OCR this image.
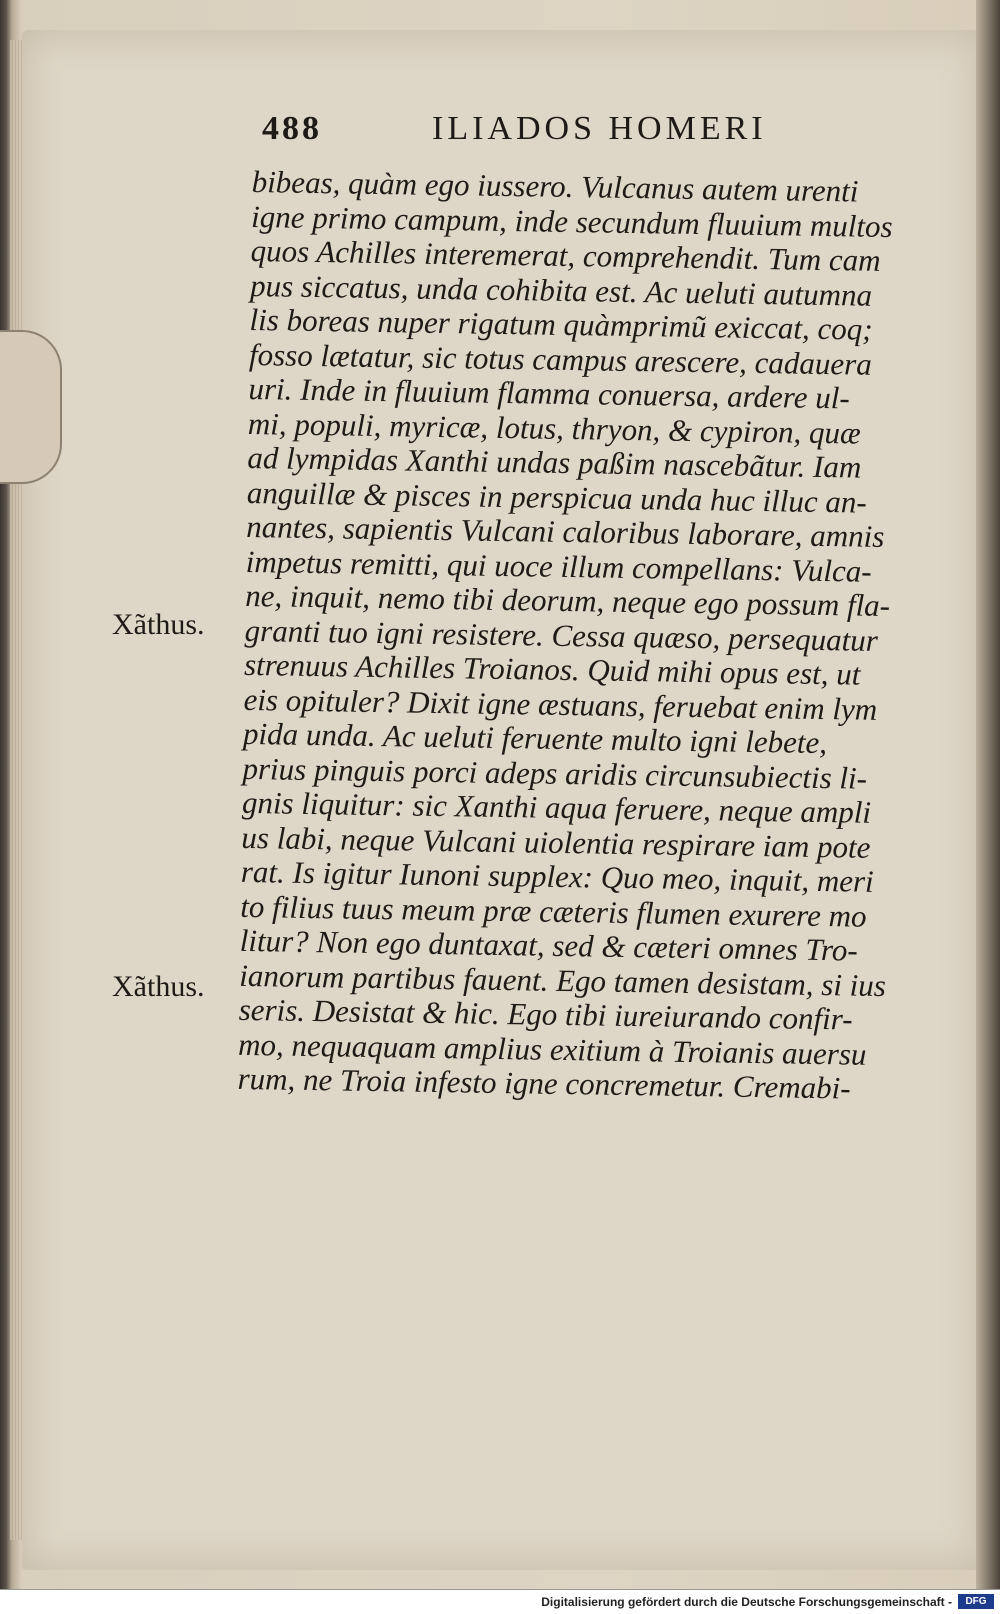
488	ILIADOS HOMERI
bibeas, quàm ego iussero. Vulcanus autem urenti
igne primo campum, inde secundum fluuium multos
quos Achilles interemerat, comprehendit. Tum cam
pus siccatus, unda cohibita est. Ac ueluti autumna
lis boreas nuper rigatum quàmprimũ exiccat, coq;
fosso lætatur, sic totus campus arescere, cadauera
uri. Inde in fluuium flamma conuersa, ardere ul-
mi, populi, myricæ, lotus, thryon, & cypiron, quæ
ad lympidas Xanthi undas paßim nascebãtur. Iam
anguillæ & pisces in perspicua unda huc illuc an-
nantes, sapientis Vulcani caloribus laborare, amnis
impetus remitti, qui uoce illum compellans: Vulca-
ne, inquit, nemo tibi deorum, neque ego possum fla-
granti tuo igni resistere. Cessa quæso, persequatur
strenuus Achilles Troianos. Quid mihi opus est, ut
eis opituler? Dixit igne æstuans, feruebat enim lym
pida unda. Ac ueluti feruente multo igni lebete,
prius pinguis porci adeps aridis circunsubiectis li-
gnis liquitur: sic Xanthi aqua feruere, neque ampli
us labi, neque Vulcani uiolentia respirare iam pote
rat. Is igitur Iunoni supplex: Quo meo, inquit, meri
to filius tuus meum præ cæteris flumen exurere mo
litur? Non ego duntaxat, sed & cæteri omnes Tro-
ianorum partibus fauent. Ego tamen desistam, si ius
seris. Desistat & hic. Ego tibi iureiurando confir-
mo, nequaquam amplius exitium à Troianis auersu
rum, ne Troia infesto igne concremetur. Cremabi-
Xãthus.
Xãthus.
Digitalisierung gefördert durch die Deutsche Forschungsgemeinschaft -	DFG
